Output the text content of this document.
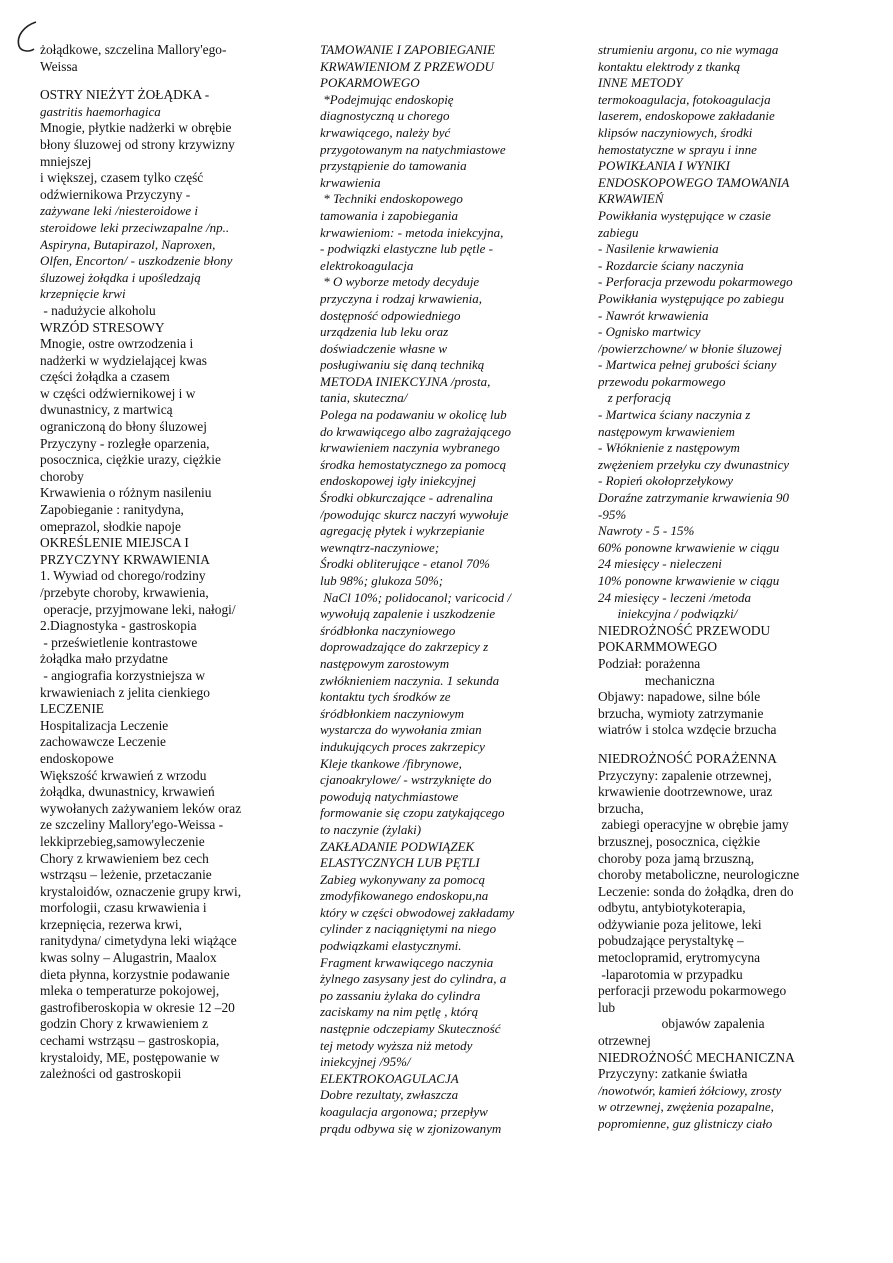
żołądkowe, szczelina Mallory'ego-
Weissa
OSTRY NIEŻYT ŻOŁĄDKA -
gastritis haemorhagica
Mnogie, płytkie nadżerki w obrębie
błony śluzowej od strony krzywizny
mniejszej
i większej, czasem tylko część
odźwiernikowa Przyczyny -
zażywane leki /niesteroidowe i
steroidowe leki przeciwzapalne /np..
Aspiryna, Butapirazol, Naproxen,
Olfen, Encorton/ - uszkodzenie błony
śluzowej żołądka i upośledzają
krzepnięcie krwi
- nadużycie alkoholu
WRZÓD STRESOWY
Mnogie, ostre owrzodzenia i
nadżerki w wydzielającej kwas
części żołądka a czasem
w części odźwiernikowej i w
dwunastnicy, z martwicą
ograniczoną do błony śluzowej
Przyczyny - rozległe oparzenia,
posocznica, ciężkie urazy, ciężkie
choroby
Krwawienia o różnym nasileniu
Zapobieganie : ranitydyna,
omeprazol, słodkie napoje
OKREŚLENIE MIEJSCA I
PRZYCZYNY KRWAWIENIA
1. Wywiad od chorego/rodziny
/przebyte choroby, krwawienia,
operacje, przyjmowane leki, nałogi/
2.Diagnostyka - gastroskopia
- prześwietlenie kontrastowe
żołądka mało przydatne
- angiografia korzystniejsza w
krwawieniach z jelita cienkiego
LECZENIE
Hospitalizacja Leczenie
zachowawcze Leczenie
endoskopowe
Większość krwawień z wrzodu
żołądka, dwunastnicy, krwawień
wywołanych zażywaniem leków oraz
ze szczeliny Mallory'ego-Weissa -
lekkiprzebieg,samowyleczenie
Chory z krwawieniem bez cech
wstrząsu – leżenie, przetaczanie
krystaloidów, oznaczenie grupy krwi,
morfologii, czasu krwawienia i
krzepnięcia, rezerwa krwi,
ranitydyna/ cimetydyna leki wiążące
kwas solny – Alugastrin, Maalox
dieta płynna, korzystnie podawanie
mleka o temperaturze pokojowej,
gastrofiberoskopia w okresie 12 –20
godzin Chory z krwawieniem z
cechami wstrząsu – gastroskopia,
krystaloidy, ME, postępowanie w
zależności od gastroskopii
TAMOWANIE I ZAPOBIEGANIE
KRWAWIENIOM Z PRZEWODU
POKARMOWEGO
*Podejmując endoskopię
diagnostyczną u chorego
krwawiącego, należy być
przygotowanym na natychmiastowe
przystąpienie do tamowania
krwawienia
* Techniki endoskopowego
tamowania i zapobiegania
krwawieniom: - metoda iniekcyjna,
- podwiązki elastyczne lub pętle -
elektrokoagulacja
* O wyborze metody decyduje
przyczyna i rodzaj krwawienia,
dostępność odpowiedniego
urządzenia lub leku oraz
doświadczenie własne w
posługiwaniu się daną techniką
METODA INIEKCYJNA /prosta,
tania, skuteczna/
Polega na podawaniu w okolicę lub
do krwawiącego albo zagrażającego
krwawieniem naczynia wybranego
środka hemostatycznego za pomocą
endoskopowej igły iniekcyjnej
Środki obkurczające - adrenalina
/powodując skurcz naczyń wywołuje
agregację płytek i wykrzepianie
wewnątrz-naczyniowe;
Środki obliterujące - etanol 70%
lub 98%; glukoza 50%;
NaCl 10%; polidocanol; varicocid /
wywołują zapalenie i uszkodzenie
śródbłonka naczyniowego
doprowadzające do zakrzepicy z
następowym zarostowym
zwłóknieniem naczynia. 1 sekunda
kontaktu tych środków ze
śródbłonkiem naczyniowym
wystarcza do wywołania zmian
indukujących proces zakrzepicy
Kleje tkankowe /fibrynowe,
cjanoakrylowe/ - wstrzyknięte do
powodują natychmiastowe
formowanie się czopu zatykającego
to naczynie (żylaki)
ZAKŁADANIE PODWIĄZEK
ELASTYCZNYCH LUB PĘTLI
Zabieg wykonywany za pomocą
zmodyfikowanego endoskopu,na
który w części obwodowej zakładamy
cylinder z naciągniętymi na niego
podwiązkami elastycznymi.
Fragment krwawiącego naczynia
żylnego zasysany jest do cylindra, a
po zassaniu żylaka do cylindra
zaciskamy na nim pętlę , którą
następnie odczepiamy Skuteczność
tej metody wyższa niż metody
iniekcyjnej /95%/
ELEKTROKOAGULACJA
Dobre rezultaty, zwłaszcza
koagulacja argonowa; przepływ
prądu odbywa się w zjonizowanym
strumieniu argonu, co nie wymaga
kontaktu elektrody z tkanką
INNE METODY
termokoagulacja, fotokoagulacja
laserem, endoskopowe zakładanie
klipsów naczyniowych, środki
hemostatyczne w sprayu i inne
POWIKŁANIA I WYNIKI
ENDOSKOPOWEGO TAMOWANIA
KRWAWIEŃ
Powikłania występujące w czasie
zabiegu
- Nasilenie krwawienia
- Rozdarcie ściany naczynia
- Perforacja przewodu pokarmowego
Powikłania występujące po zabiegu
- Nawrót krwawienia
- Ognisko martwicy
/powierzchowne/ w błonie śluzowej
- Martwica pełnej grubości ściany
przewodu pokarmowego
z perforacją
- Martwica ściany naczynia z
następowym krwawieniem
- Włóknienie z następowym
zwężeniem przełyku czy dwunastnicy
- Ropień okołoprzełykowy
Doraźne zatrzymanie krwawienia 90
-95%
Nawroty - 5 - 15%
60% ponowne krwawienie w ciągu
24 miesięcy - nieleczeni
10% ponowne krwawienie w ciągu
24 miesięcy - leczeni /metoda
iniekcyjna / podwiązki/
NIEDROŻNOŚĆ PRZEWODU
POKARMMOWEGO
Podział: porażenna
mechaniczna
Objawy: napadowe, silne bóle
brzucha, wymioty zatrzymanie
wiatrów i stolca wzdęcie brzucha
NIEDROŻNOŚĆ PORAŻENNA
Przyczyny: zapalenie otrzewnej,
krwawienie dootrzewnowe, uraz
brzucha,
zabiegi operacyjne w obrębie jamy
brzusznej, posocznica, ciężkie
choroby poza jamą brzuszną,
choroby metaboliczne, neurologiczne
Leczenie: sonda do żołądka, dren do
odbytu, antybiotykoterapia,
odżywianie poza jelitowe, leki
pobudzające perystaltykę –
metoclopramid, erytromycyna
-laparotomia w przypadku
perforacji przewodu pokarmowego
lub
objawów zapalenia
otrzewnej
NIEDROŻNOŚĆ MECHANICZNA
Przyczyny: zatkanie światła
/nowotwór, kamień żółciowy, zrosty
w otrzewnej, zwężenia pozapalne,
popromienne, guz glistniczy ciało
